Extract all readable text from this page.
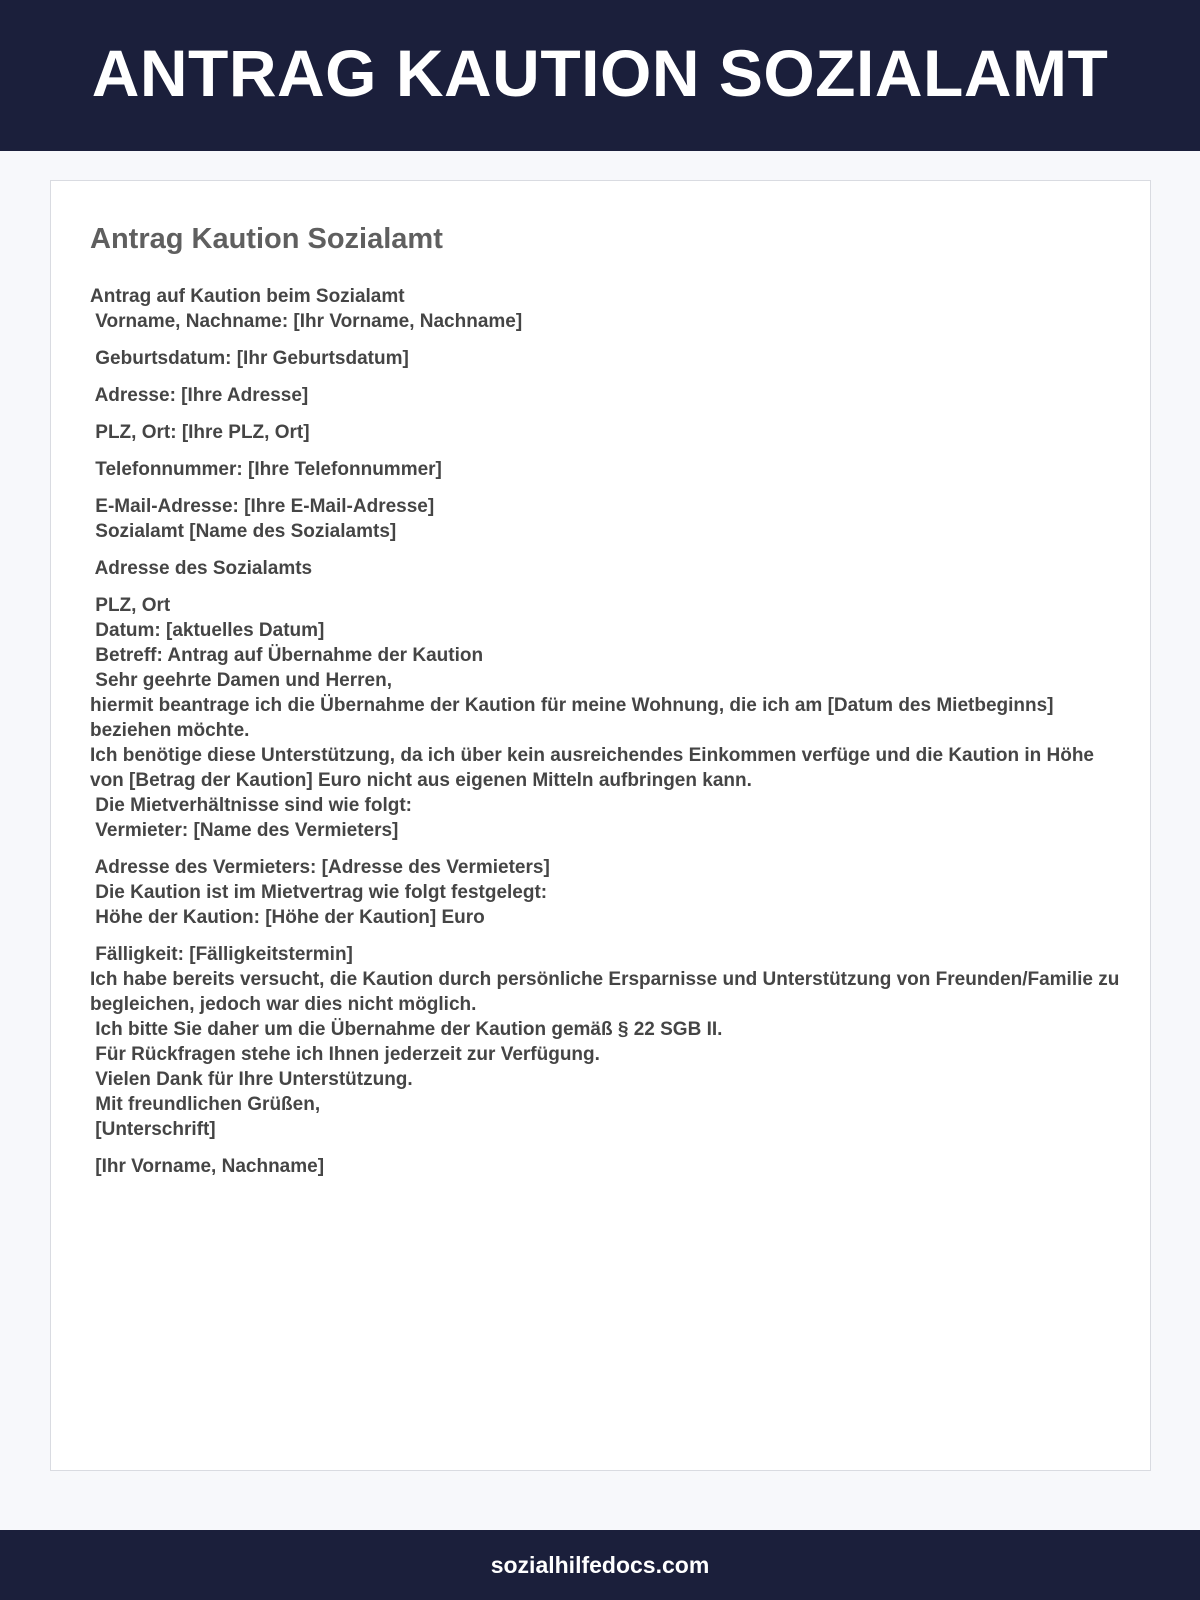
ANTRAG KAUTION SOZIALAMT
Antrag Kaution Sozialamt
Antrag auf Kaution beim Sozialamt
Vorname, Nachname: [Ihr Vorname, Nachname]
Geburtsdatum: [Ihr Geburtsdatum]
Adresse: [Ihre Adresse]
PLZ, Ort: [Ihre PLZ, Ort]
Telefonnummer: [Ihre Telefonnummer]
E-Mail-Adresse: [Ihre E-Mail-Adresse]
Sozialamt [Name des Sozialamts]
Adresse des Sozialamts
PLZ, Ort
Datum: [aktuelles Datum]
Betreff: Antrag auf Übernahme der Kaution
Sehr geehrte Damen und Herren,
hiermit beantrage ich die Übernahme der Kaution für meine Wohnung, die ich am [Datum des Mietbeginns] beziehen möchte.
Ich benötige diese Unterstützung, da ich über kein ausreichendes Einkommen verfüge und die Kaution in Höhe von [Betrag der Kaution] Euro nicht aus eigenen Mitteln aufbringen kann.
Die Mietverhältnisse sind wie folgt:
Vermieter: [Name des Vermieters]
Adresse des Vermieters: [Adresse des Vermieters]
Die Kaution ist im Mietvertrag wie folgt festgelegt:
Höhe der Kaution: [Höhe der Kaution] Euro
Fälligkeit: [Fälligkeitstermin]
Ich habe bereits versucht, die Kaution durch persönliche Ersparnisse und Unterstützung von Freunden/Familie zu begleichen, jedoch war dies nicht möglich.
Ich bitte Sie daher um die Übernahme der Kaution gemäß § 22 SGB II.
Für Rückfragen stehe ich Ihnen jederzeit zur Verfügung.
Vielen Dank für Ihre Unterstützung.
Mit freundlichen Grüßen,
[Unterschrift]
[Ihr Vorname, Nachname]
sozialhilfedocs.com
